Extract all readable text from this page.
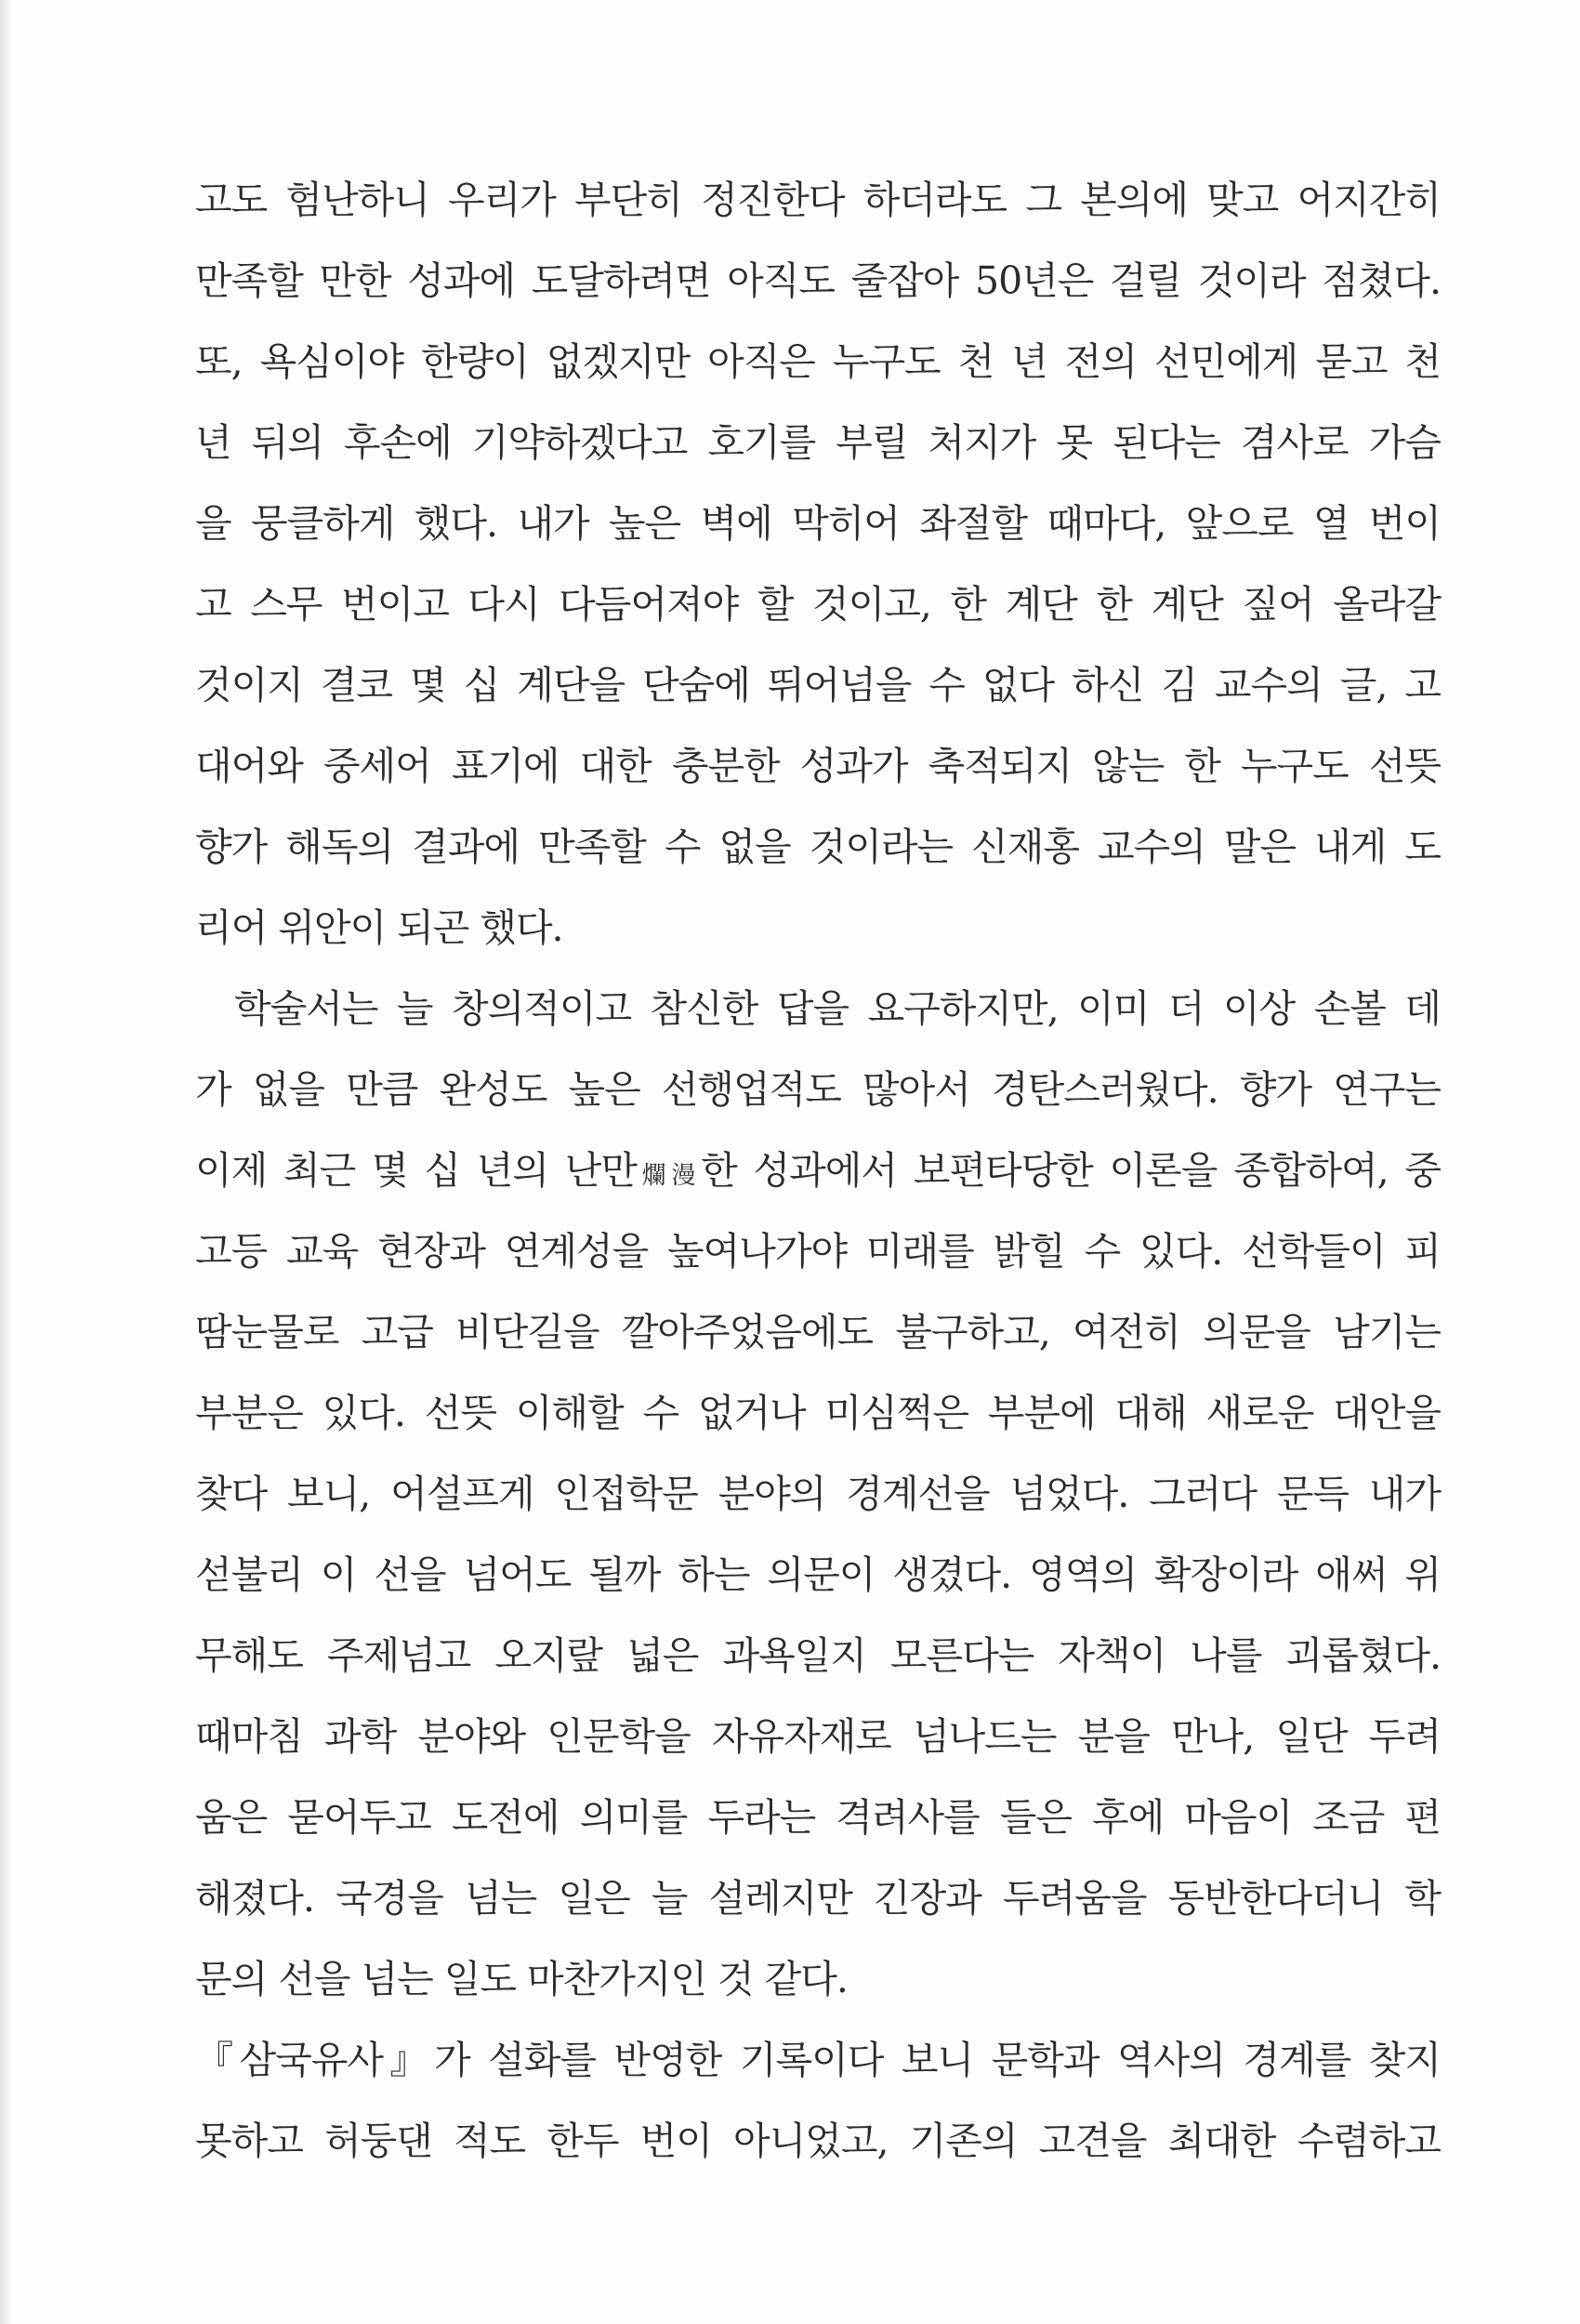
고도 험난하니 우리가 부단히 정진한다 하더라도 그 본의에 맞고 어지간히
만족할 만한 성과에 도달하려면 아직도 줄잡아 50년은 걸릴 것이라 점쳤다.
또, 욕심이야 한량이 없겠지만 아직은 누구도 천 년 전의 선민에게 묻고 천
년 뒤의 후손에 기약하겠다고 호기를 부릴 처지가 못 된다는 겸사로 가슴
을 뭉클하게 했다. 내가 높은 벽에 막히어 좌절할 때마다, 앞으로 열 번이
고 스무 번이고 다시 다듬어져야 할 것이고, 한 계단 한 계단 짚어 올라갈
것이지 결코 몇 십 계단을 단숨에 뛰어넘을 수 없다 하신 김 교수의 글, 고
대어와 중세어 표기에 대한 충분한 성과가 축적되지 않는 한 누구도 선뜻
향가 해독의 결과에 만족할 수 없을 것이라는 신재홍 교수의 말은 내게 도
리어 위안이 되곤 했다.
학술서는 늘 창의적이고 참신한 답을 요구하지만, 이미 더 이상 손볼 데
가 없을 만큼 완성도 높은 선행업적도 많아서 경탄스러웠다. 향가 연구는
이제 최근 몇 십 년의 난만爛漫한 성과에서 보편타당한 이론을 종합하여, 중
고등 교육 현장과 연계성을 높여나가야 미래를 밝힐 수 있다. 선학들이 피
땀눈물로 고급 비단길을 깔아주었음에도 불구하고, 여전히 의문을 남기는
부분은 있다. 선뜻 이해할 수 없거나 미심쩍은 부분에 대해 새로운 대안을
찾다 보니, 어설프게 인접학문 분야의 경계선을 넘었다. 그러다 문득 내가
섣불리 이 선을 넘어도 될까 하는 의문이 생겼다. 영역의 확장이라 애써 위
무해도 주제넘고 오지랖 넓은 과욕일지 모른다는 자책이 나를 괴롭혔다.
때마침 과학 분야와 인문학을 자유자재로 넘나드는 분을 만나, 일단 두려
움은 묻어두고 도전에 의미를 두라는 격려사를 들은 후에 마음이 조금 편
해졌다. 국경을 넘는 일은 늘 설레지만 긴장과 두려움을 동반한다더니 학
문의 선을 넘는 일도 마찬가지인 것 같다.
『삼국유사』가 설화를 반영한 기록이다 보니 문학과 역사의 경계를 찾지
못하고 허둥댄 적도 한두 번이 아니었고, 기존의 고견을 최대한 수렴하고
